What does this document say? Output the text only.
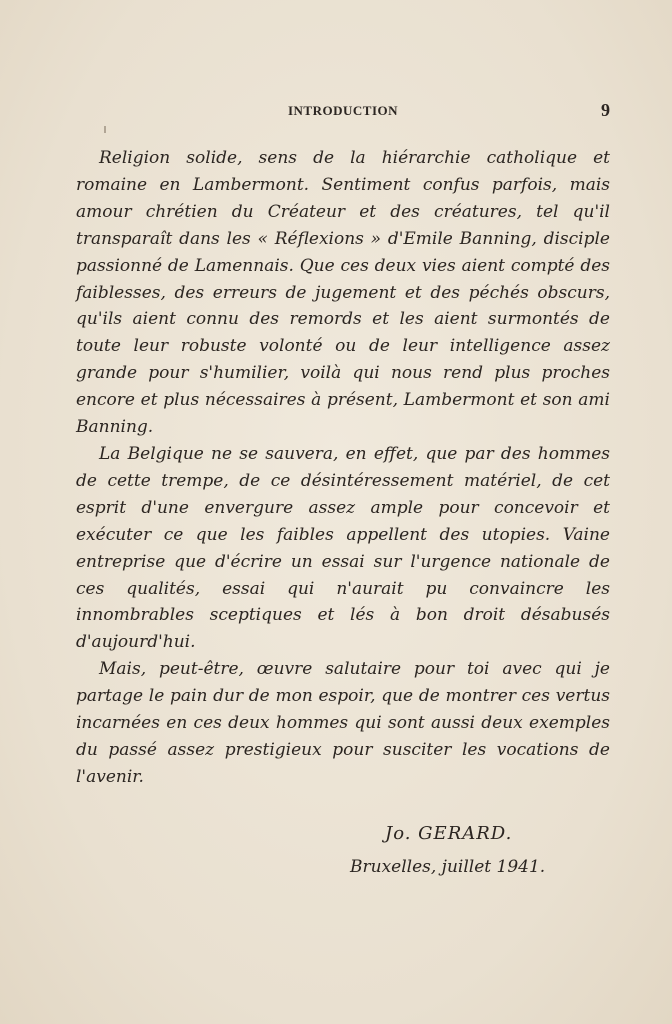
INTRODUCTION	9

Religion solide, sens de la hiérarchie catholique et romaine en Lambermont. Sentiment confus parfois, mais amour chrétien du Créateur et des créatures, tel qu'il transparaît dans les « Réflexions » d'Emile Banning, disciple passionné de Lamennais. Que ces deux vies aient compté des faiblesses, des erreurs de jugement et des péchés obscurs, qu'ils aient connu des remords et les aient surmontés de toute leur robuste volonté ou de leur intelligence assez grande pour s'humilier, voilà qui nous rend plus proches encore et plus nécessaires à présent, Lambermont et son ami Banning.

La Belgique ne se sauvera, en effet, que par des hommes de cette trempe, de ce désintéressement matériel, de cet esprit d'une envergure assez ample pour concevoir et exécuter ce que les faibles appellent des utopies. Vaine entreprise que d'écrire un essai sur l'urgence nationale de ces qualités, essai qui n'aurait pu convaincre les innombrables sceptiques et lés à bon droit désabusés d'aujourd'hui.

Mais, peut-être, œuvre salutaire pour toi avec qui je partage le pain dur de mon espoir, que de montrer ces vertus incarnées en ces deux hommes qui sont aussi deux exemples du passé assez prestigieux pour susciter les vocations de l'avenir.

Jo. GERARD.
Bruxelles, juillet 1941.
